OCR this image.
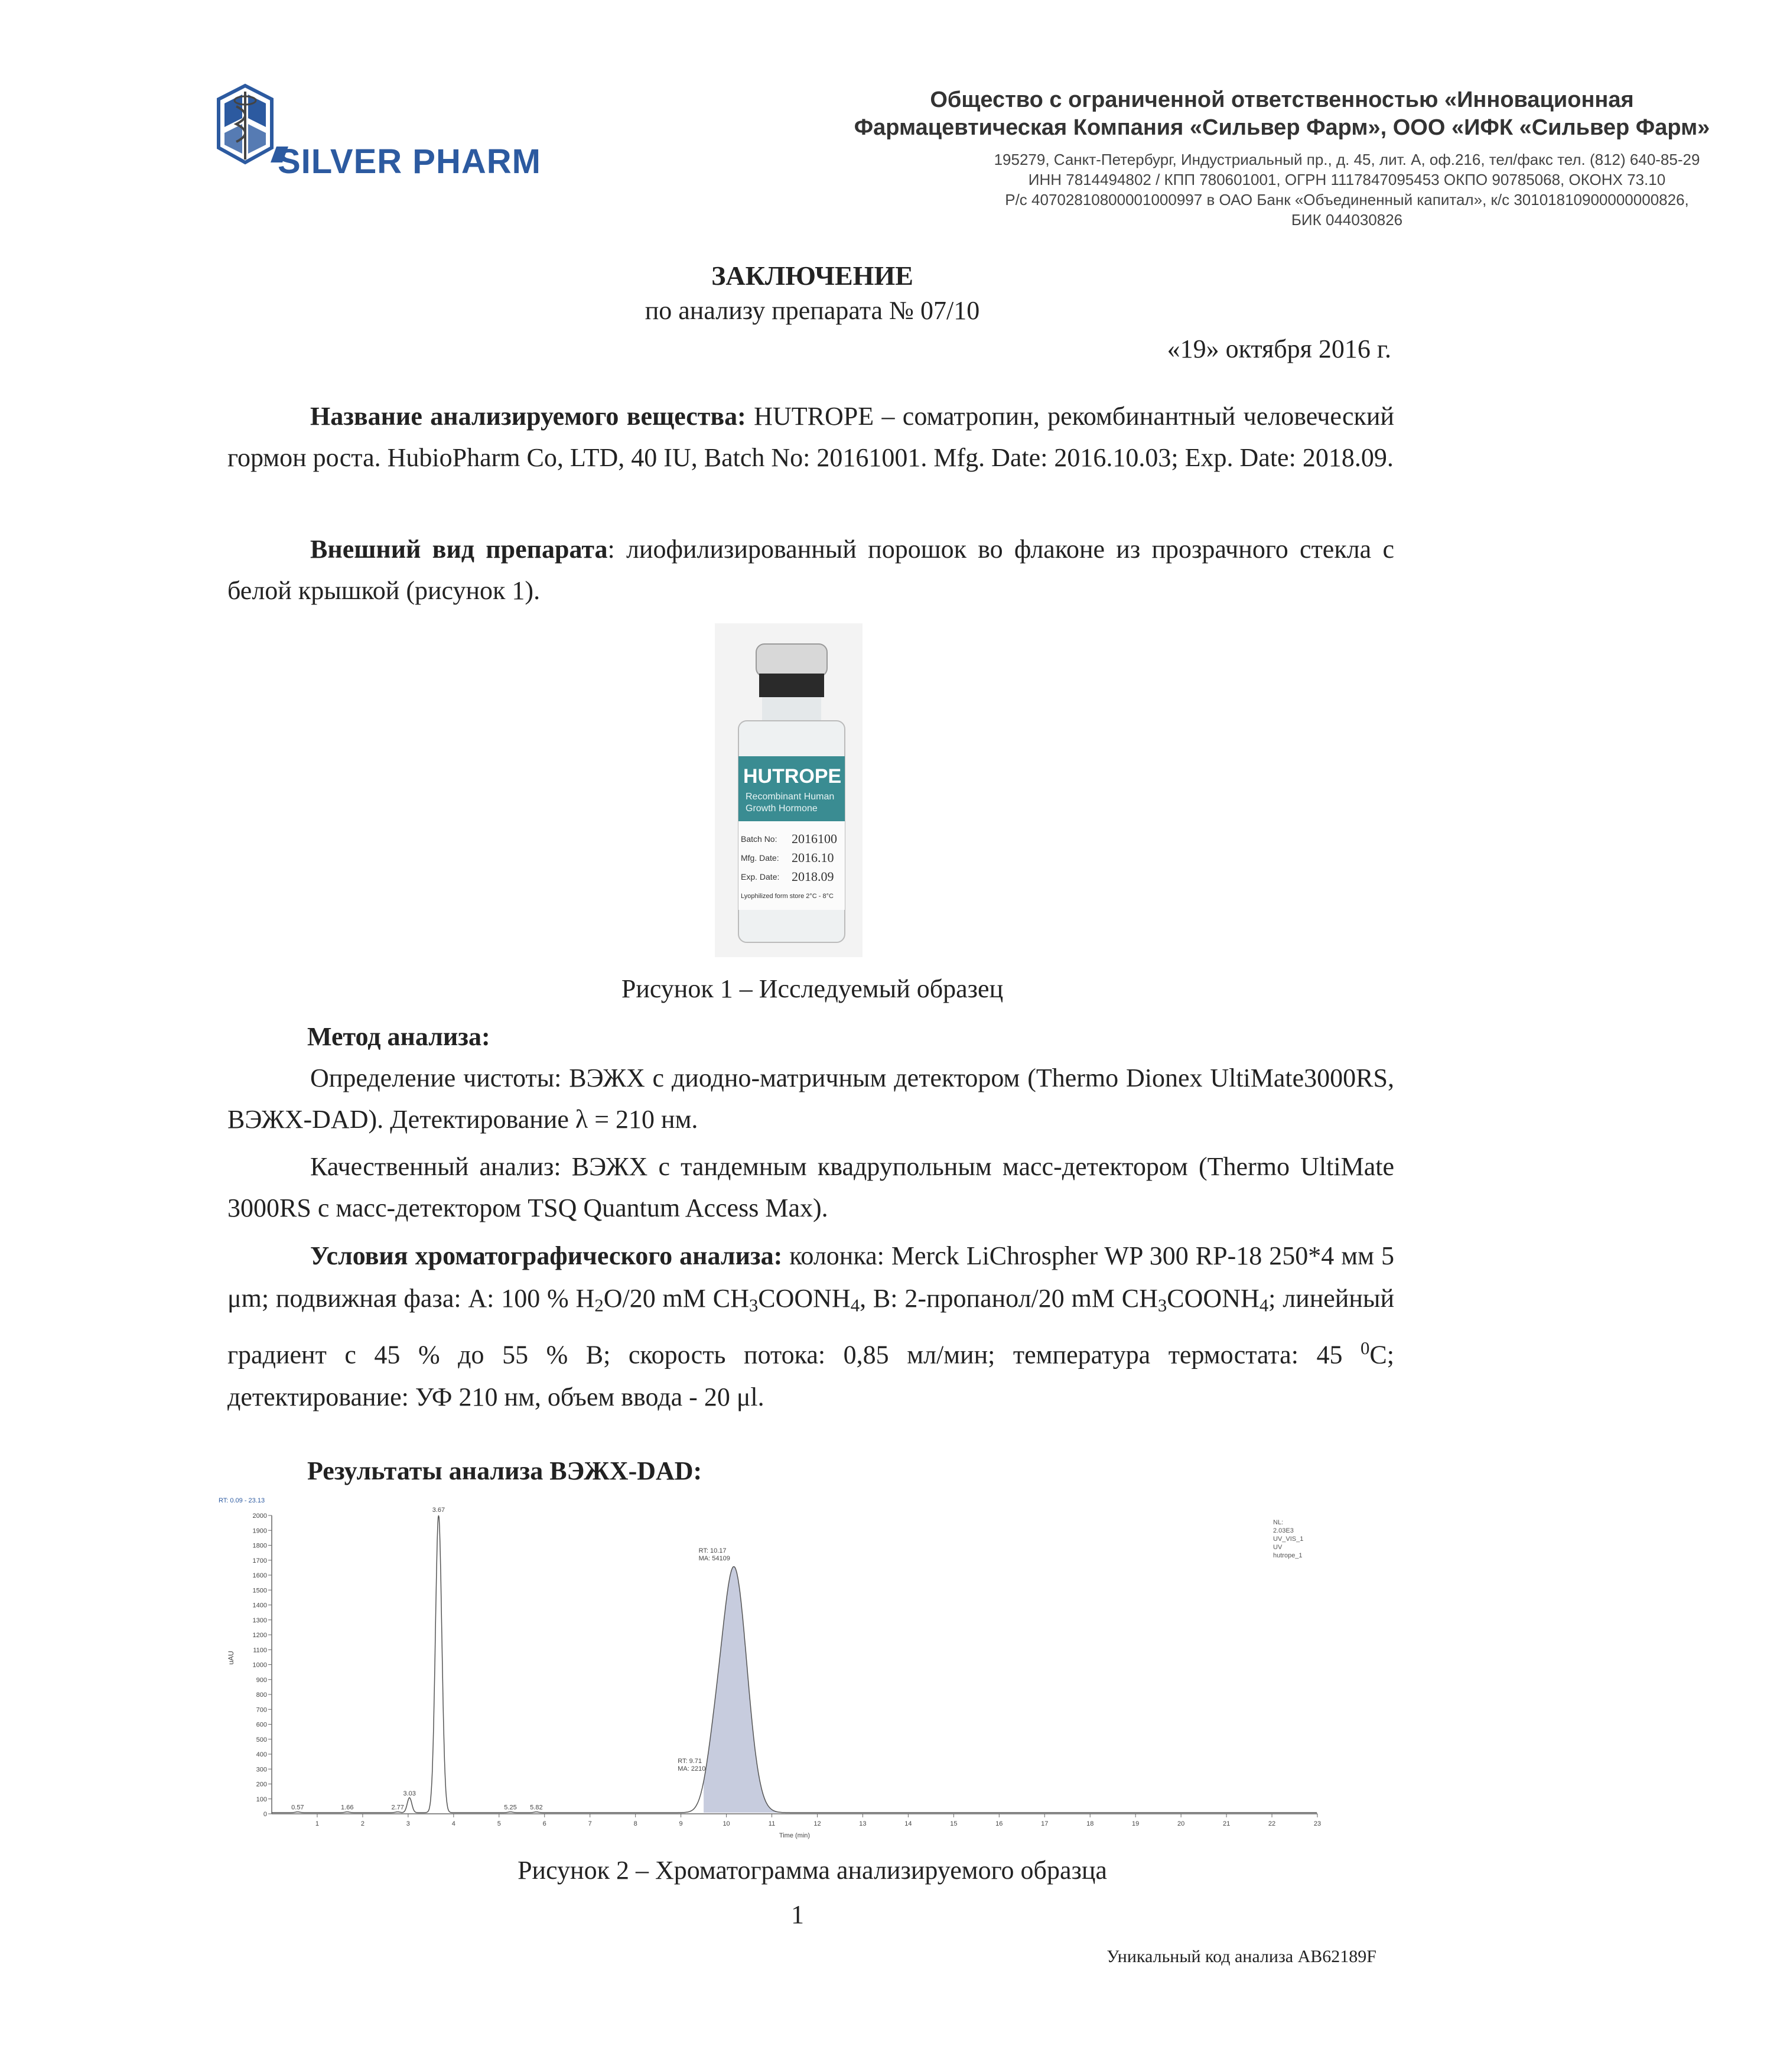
SILVER PHARM
Общество с ограниченной ответственностью «Инновационная
Фармацевтическая Компания «Сильвер Фарм», ООО «ИФК «Сильвер Фарм»
195279, Санкт-Петербург, Индустриальный пр., д. 45, лит. А, оф.216, тел/факс тел. (812) 640-85-29
ИНН 7814494802 / КПП 780601001, ОГРН 1117847095453 ОКПО 90785068, ОКОНХ 73.10
Р/с 40702810800001000997 в ОАО Банк «Объединенный капитал», к/с 30101810900000000826,
БИК 044030826
ЗАКЛЮЧЕНИЕ
по анализу препарата № 07/10
«19» октября 2016 г.
Название анализируемого вещества: HUTROPE – соматропин, рекомбинантный человеческий гормон роста. HubioPharm Co, LTD, 40 IU, Batch No: 20161001. Mfg. Date: 2016.10.03; Exp. Date: 2018.09.
Внешний вид препарата: лиофилизированный порошок во флаконе из прозрачного стекла с белой крышкой (рисунок 1).
HUTROPE
Recombinant Human
Growth Hormone
Batch No: 2016100
Mfg. Date: 2016.10
Exp. Date: 2018.09
Lyophilized form store 2°C - 8°C
Рисунок 1 – Исследуемый образец
Метод анализа:
Определение чистоты: ВЭЖХ с диодно-матричным детектором (Thermo Dionex UltiMate3000RS, ВЭЖХ-DAD). Детектирование λ = 210 нм.
Качественный анализ: ВЭЖХ с тандемным квадрупольным масс-детектором (Thermo UltiMate 3000RS с масс-детектором TSQ Quantum Access Max).
Условия хроматографического анализа: колонка: Merck LiChrospher WP 300 RP-18 250*4 мм 5 μm; подвижная фаза: А: 100 % $H_2O/20$ mM $CH_3COONH_4$, B: 2-пропанол/20 mM $CH_3COONH_4$; линейный градиент с 45 % до 55 % B; скорость потока: 0,85 мл/мин; температура термостата: 45 $^0$С; детектирование: УФ 210 нм, объем ввода - 20 μl.
Результаты анализа ВЭЖХ-DAD:
RT: 0.09 - 23.13
0
100
200
300
400
500
600
700
800
900
1000
1100
1200
1300
1400
1500
1600
1700
1800
1900
2000
1	2	3	4	5	6	7	8	9	10	11	12	13	14	15	16	17	18	19	20	21	22	23
uAU
Time (min)
NL:
2.03E3
UV_VIS_1
UV
hutrope_1
0.57	1.66	2.77
3.03
3.67
5.25 5.82
RT: 9.71
MA: 2210
RT: 10.17
MA: 54109
Рисунок 2 – Хроматограмма анализируемого образца
1
Уникальный код анализа AB62189F
